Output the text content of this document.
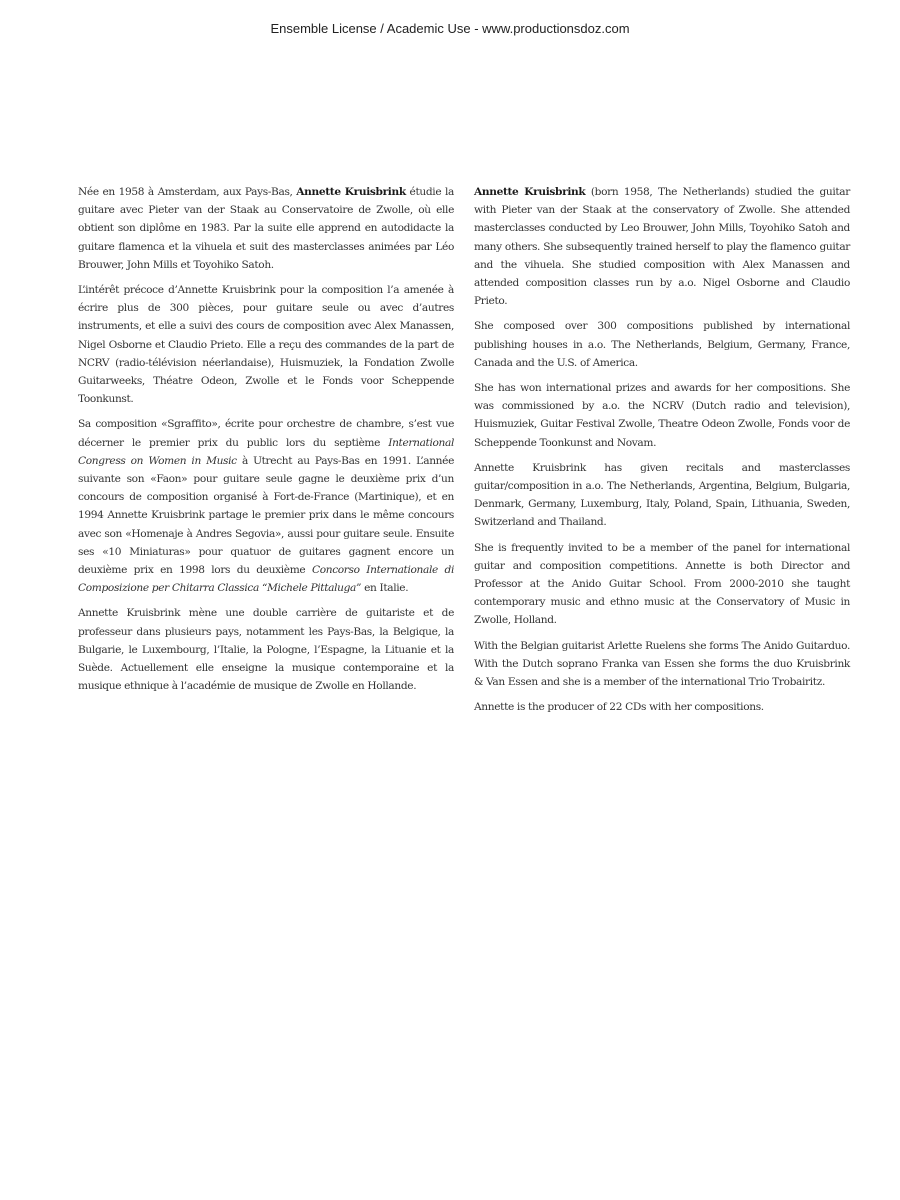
Ensemble License / Academic Use - www.productionsdoz.com

Née en 1958 à Amsterdam, aux Pays-Bas, Annette Kruisbrink étudie la guitare avec Pieter van der Staak au Conservatoire de Zwolle, où elle obtient son diplôme en 1983. Par la suite elle apprend en autodidacte la guitare flamenca et la vihuela et suit des masterclasses animées par Léo Brouwer, John Mills et Toyohiko Satoh.

L’intérêt précoce d’Annette Kruisbrink pour la composition l’a amenée à écrire plus de 300 pièces, pour guitare seule ou avec d’autres instruments, et elle a suivi des cours de composition avec Alex Manassen, Nigel Osborne et Claudio Prieto. Elle a reçu des commandes de la part de NCRV (radio-télévision néerlandaise), Huismuziek, la Fondation Zwolle Guitarweeks, Théatre Odeon, Zwolle et le Fonds voor Scheppende Toonkunst.

Sa composition «Sgraffito», écrite pour orchestre de chambre, s’est vue décerner le premier prix du public lors du septième International Congress on Women in Music à Utrecht au Pays-Bas en 1991. L’année suivante son «Faon» pour guitare seule gagne le deuxième prix d’un concours de composition organisé à Fort-de-France (Martinique), et en 1994 Annette Kruisbrink partage le premier prix dans le même concours avec son «Homenaje à Andres Segovia», aussi pour guitare seule. Ensuite ses «10 Miniaturas» pour quatuor de guitares gagnent encore un deuxième prix en 1998 lors du deuxième Concorso Internationale di Composizione per Chitarra Classica “Michele Pittaluga” en Italie.

Annette Kruisbrink mène une double carrière de guitariste et de professeur dans plusieurs pays, notamment les Pays-Bas, la Belgique, la Bulgarie, le Luxembourg, l’Italie, la Pologne, l’Espagne, la Lituanie et la Suède. Actuellement elle enseigne la musique contemporaine et la musique ethnique à l’académie de musique de Zwolle en Hollande.

Annette Kruisbrink (born 1958, The Netherlands) studied the guitar with Pieter van der Staak at the conservatory of Zwolle. She attended masterclasses conducted by Leo Brouwer, John Mills, Toyohiko Satoh and many others. She subsequently trained herself to play the flamenco guitar and the vihuela. She studied composition with Alex Manassen and attended composition classes run by a.o. Nigel Osborne and Claudio Prieto.

She composed over 300 compositions published by international publishing houses in a.o. The Netherlands, Belgium, Germany, France, Canada and the U.S. of America.

She has won international prizes and awards for her compositions. She was commissioned by a.o. the NCRV (Dutch radio and television), Huismuziek, Guitar Festival Zwolle, Theatre Odeon Zwolle, Fonds voor de Scheppende Toonkunst and Novam.

Annette Kruisbrink has given recitals and masterclasses guitar/composition in a.o. The Netherlands, Argentina, Belgium, Bulgaria, Denmark, Germany, Luxemburg, Italy, Poland, Spain, Lithuania, Sweden, Switzerland and Thailand.

She is frequently invited to be a member of the panel for international guitar and composition competitions. Annette is both Director and Professor at the Anido Guitar School. From 2000-2010 she taught contemporary music and ethno music at the Conservatory of Music in Zwolle, Holland.

With the Belgian guitarist Arlette Ruelens she forms The Anido Guitarduo. With the Dutch soprano Franka van Essen she forms the duo Kruisbrink & Van Essen and she is a member of the international Trio Trobairitz.

Annette is the producer of 22 CDs with her compositions.
